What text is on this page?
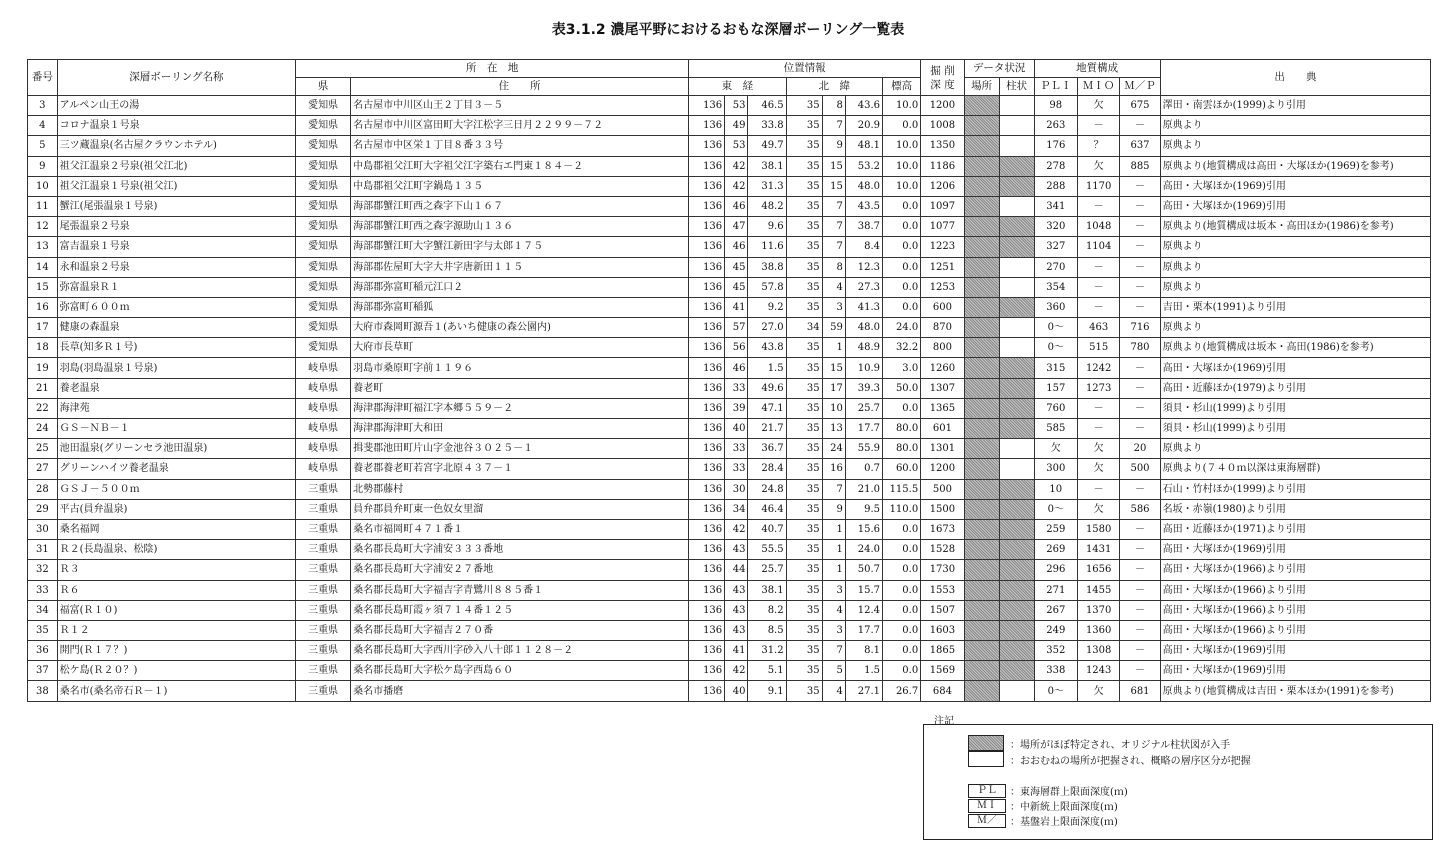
表3.1.2 濃尾平野におけるおもな深層ボーリング一覧表
番号	深層ボーリング名称	所　在　地		位置情報							掘 削
深 度	データ状況		地質構成			出　　典
		県	住　　所	東　経			北　緯			標高		場所	柱状	ＰＬＩ	ＭＩＯ	Ｍ／Ｐ	
3	アルペン山王の湯	愛知県	名古屋市中川区山王２丁目３－５	136	53	46.5	35	8	43.6	10.0	1200			98	欠	675	澤田・南雲ほか(1999)より引用
4	コロナ温泉１号泉	愛知県	名古屋市中川区富田町大字江松字三日月２２９９－７２	136	49	33.8	35	7	20.9	0.0	1008			263	－	－	原典より
5	三ツ蔵温泉(名古屋クラウンホテル)	愛知県	名古屋市中区栄１丁目８番３３号	136	53	49.7	35	9	48.1	10.0	1350			176	？	637	原典より
9	祖父江温泉２号泉(祖父江北)	愛知県	中島郡祖父江町大字祖父江字築右エ門東１８４－２	136	42	38.1	35	15	53.2	10.0	1186			278	欠	885	原典より(地質構成は高田・大塚ほか(1969)を参考)
10	祖父江温泉１号泉(祖父江)	愛知県	中島郡祖父江町字鍋島１３５	136	42	31.3	35	15	48.0	10.0	1206			288	1170	－	高田・大塚ほか(1969)引用
11	蟹江(尾張温泉１号泉)	愛知県	海部郡蟹江町西之森字下山１６７	136	46	48.2	35	7	43.5	0.0	1097			341	－	－	高田・大塚ほか(1969)引用
12	尾張温泉２号泉	愛知県	海部郡蟹江町西之森字源助山１３６	136	47	9.6	35	7	38.7	0.0	1077			320	1048	－	原典より(地質構成は坂本・高田ほか(1986)を参考)
13	富吉温泉１号泉	愛知県	海部郡蟹江町大字蟹江新田字与太郎１７５	136	46	11.6	35	7	8.4	0.0	1223			327	1104	－	原典より
14	永和温泉２号泉	愛知県	海部郡佐屋町大字大井字唐新田１１５	136	45	38.8	35	8	12.3	0.0	1251			270	－	－	原典より
15	弥富温泉Ｒ１	愛知県	海部郡弥富町稲元江口２	136	45	57.8	35	4	27.3	0.0	1253			354	－	－	原典より
16	弥富町６００ｍ	愛知県	海部郡弥富町稲狐	136	41	9.2	35	3	41.3	0.0	600			360	－	－	吉田・栗本(1991)より引用
17	健康の森温泉	愛知県	大府市森岡町源吾１(あいち健康の森公園内)	136	57	27.0	34	59	48.0	24.0	870			0～	463	716	原典より
18	長草(知多Ｒ１号)	愛知県	大府市長草町	136	56	43.8	35	1	48.9	32.2	800			0～	515	780	原典より(地質構成は坂本・高田(1986)を参考)
19	羽島(羽島温泉１号泉)	岐阜県	羽島市桑原町字前１１９６	136	46	1.5	35	15	10.9	3.0	1260			315	1242	－	高田・大塚ほか(1969)引用
21	養老温泉	岐阜県	養老町	136	33	49.6	35	17	39.3	50.0	1307			157	1273	－	高田・近藤ほか(1979)より引用
22	海津苑	岐阜県	海津郡海津町福江字本郷５５９－２	136	39	47.1	35	10	25.7	0.0	1365			760	－	－	須貝・杉山(1999)より引用
24	ＧＳ－ＮＢ－１	岐阜県	海津郡海津町大和田	136	40	21.7	35	13	17.7	80.0	601			585	－	－	須貝・杉山(1999)より引用
25	池田温泉(グリーンセラ池田温泉)	岐阜県	揖斐郡池田町片山字金池谷３０２５－１	136	33	36.7	35	24	55.9	80.0	1301			欠	欠	20	原典より
27	グリーンハイツ養老温泉	岐阜県	養老郡養老町若宮字北原４３７－１	136	33	28.4	35	16	0.7	60.0	1200			300	欠	500	原典より(７４０ｍ以深は東海層群)
28	ＧＳＪ－５００ｍ	三重県	北勢郡藤村	136	30	24.8	35	7	21.0	115.5	500			10	－	－	石山・竹村ほか(1999)より引用
29	平古(員弁温泉)	三重県	員弁郡員弁町東一色奴女里溜	136	34	46.4	35	9	9.5	110.0	1500			0～	欠	586	名坂・赤嶺(1980)より引用
30	桑名福岡	三重県	桑名市福岡町４７１番１	136	42	40.7	35	1	15.6	0.0	1673			259	1580	－	高田・近藤ほか(1971)より引用
31	Ｒ２(長島温泉、松陰)	三重県	桑名郡長島町大字浦安３３３番地	136	43	55.5	35	1	24.0	0.0	1528			269	1431	－	高田・大塚ほか(1969)引用
32	Ｒ３	三重県	桑名郡長島町大字浦安２７番地	136	44	25.7	35	1	50.7	0.0	1730			296	1656	－	高田・大塚ほか(1966)より引用
33	Ｒ６	三重県	桑名郡長島町大字福吉字青鷺川８８５番１	136	43	38.1	35	3	15.7	0.0	1553			271	1455	－	高田・大塚ほか(1966)より引用
34	福富(Ｒ１０)	三重県	桑名郡長島町霞ヶ須７１４番１２５	136	43	8.2	35	4	12.4	0.0	1507			267	1370	－	高田・大塚ほか(1966)より引用
35	Ｒ１２	三重県	桑名郡長島町大字福吉２７０番	136	43	8.5	35	3	17.7	0.0	1603			249	1360	－	高田・大塚ほか(1966)より引用
36	開門(Ｒ１７？)	三重県	桑名郡長島町大字西川字砂入八十郎１１２８－２	136	41	31.2	35	7	8.1	0.0	1865			352	1308	－	高田・大塚ほか(1969)引用
37	松ケ島(Ｒ２０？)	三重県	桑名郡長島町大字松ケ島字西島６０	136	42	5.1	35	5	1.5	0.0	1569			338	1243	－	高田・大塚ほか(1969)引用
38	桑名市(桑名帝石Ｒ－１)	三重県	桑名市播磨	136	40	9.1	35	4	27.1	26.7	684			0～	欠	681	原典より(地質構成は吉田・栗本ほか(1991)を参考)
注記
：場所がほぼ特定され、オリジナル柱状図が入手
：おおむねの場所が把握され、概略の層序区分が把握
ＰＬ	：東海層群上限面深度(ｍ)
ＭＩ	：中新統上限面深度(ｍ)
Ｍ／	：基盤岩上限面深度(ｍ)
